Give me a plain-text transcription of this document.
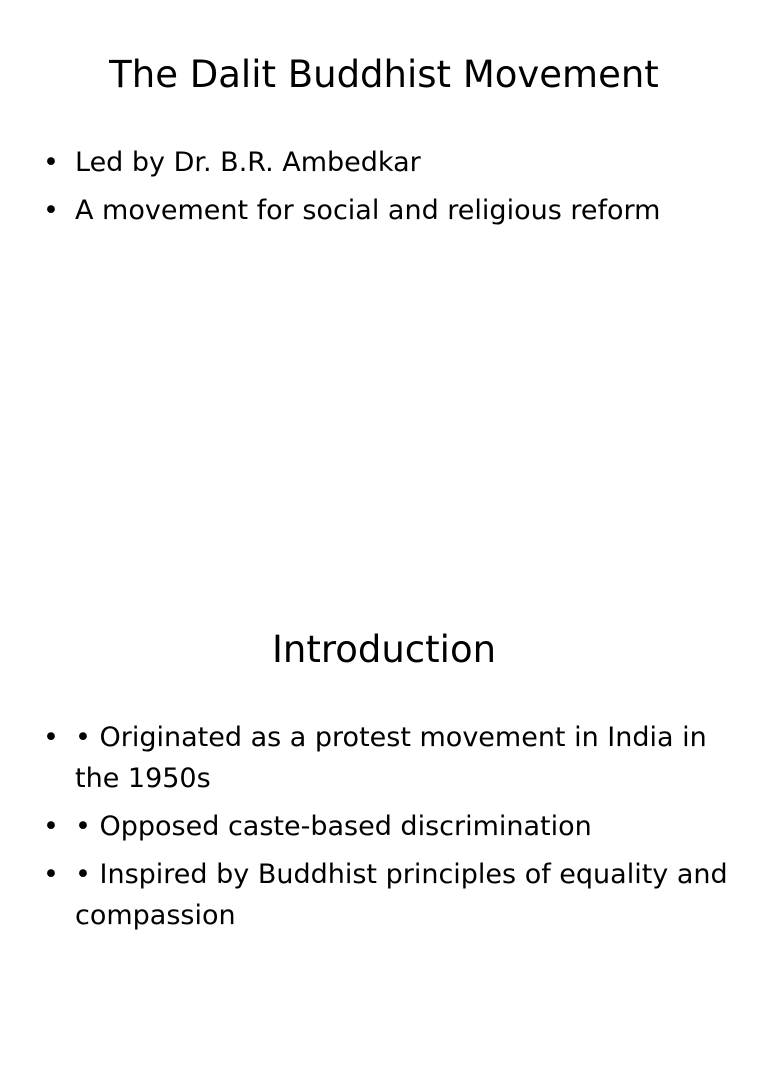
The Dalit Buddhist Movement
• Led by Dr. B.R. Ambedkar
• A movement for social and religious reform
Introduction
• • Originated as a protest movement in India in the 1950s
• • Opposed caste-based discrimination
• • Inspired by Buddhist principles of equality and compassion
